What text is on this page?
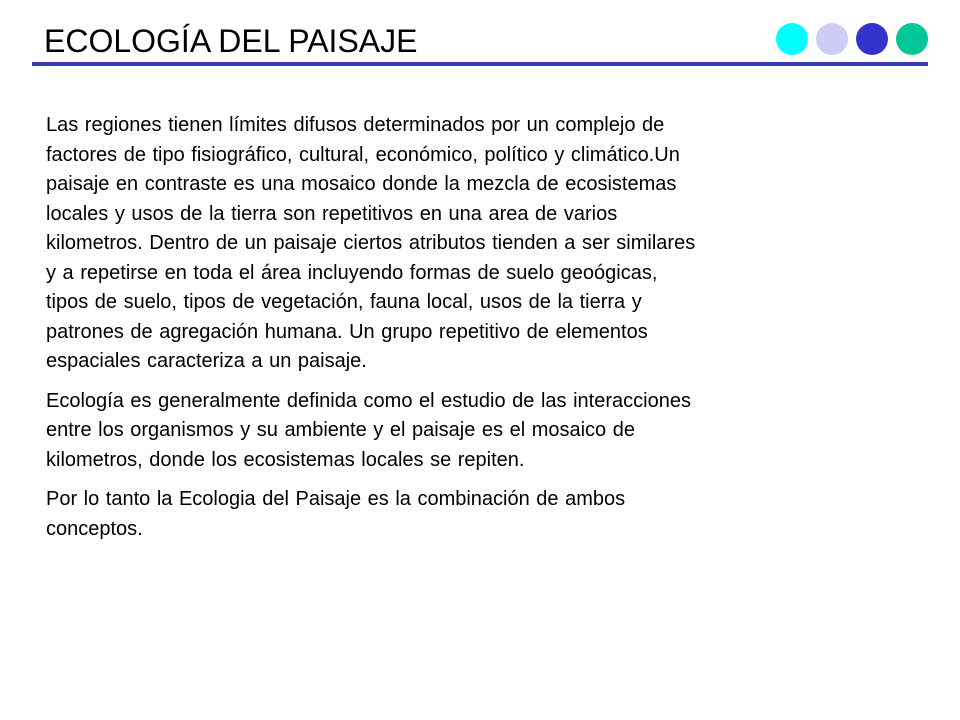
ECOLOGÍA DEL PAISAJE

Las regiones tienen límites difusos determinados por un complejo de factores de tipo fisiográfico, cultural, económico, político y climático.Un paisaje en contraste es una mosaico donde la mezcla de ecosistemas locales y usos de la tierra son repetitivos en una area de varios kilometros. Dentro de un paisaje ciertos atributos tienden a ser similares y a repetirse en toda el área incluyendo formas de suelo geoógicas, tipos de suelo, tipos de vegetación, fauna local, usos de la tierra y patrones de agregación humana. Un grupo repetitivo de elementos espaciales caracteriza a un paisaje.

Ecología es generalmente definida como el estudio de las interacciones entre los organismos y su ambiente y el paisaje es el mosaico de kilometros, donde los ecosistemas locales se repiten.

Por lo tanto la Ecologia del Paisaje es la combinación de ambos conceptos.
